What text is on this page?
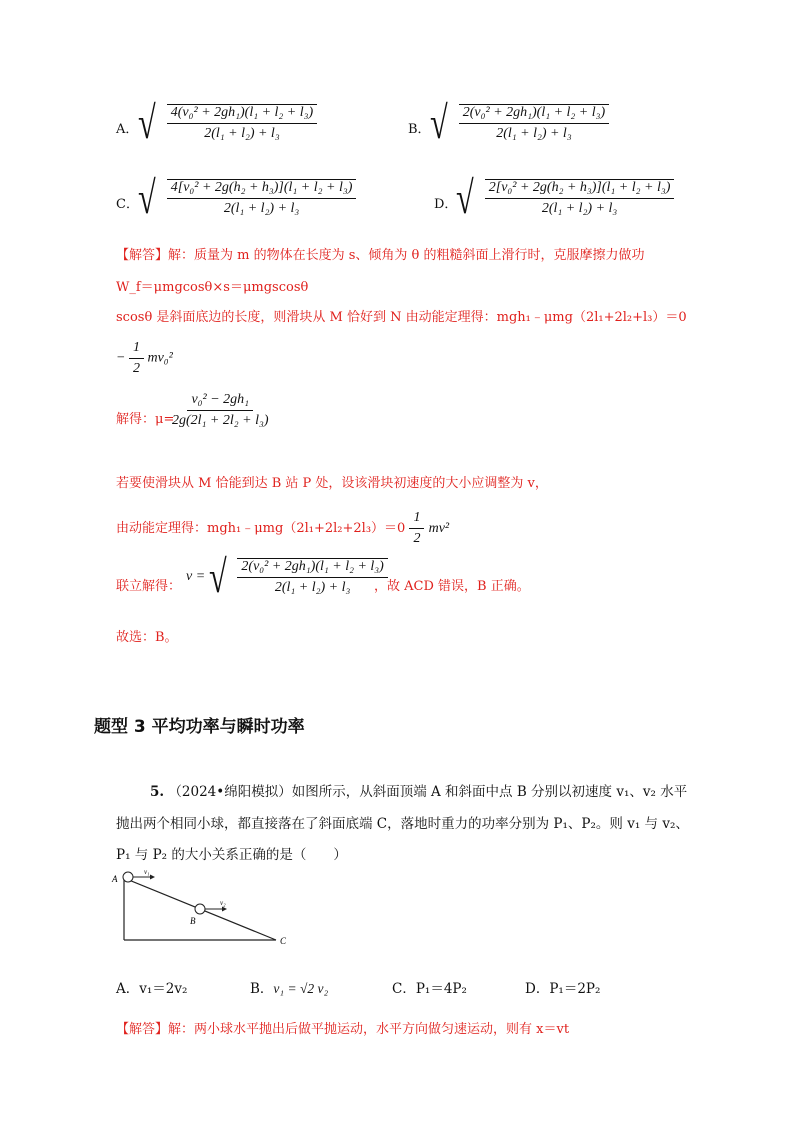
A． √ $\frac{\text{4(v₀² + 2gh₁)(l₁ + l₂ + l₃)}}{\text{2(l₁ + l₂) + l₃}}$	B． √ $\frac{\text{2(v₀² + 2gh₁)(l₁ + l₂ + l₃)}}{\text{2(l₁ + l₂) + l₃}}$
C． √ $\frac{\text{4[v₀² + 2g(h₂ + h₃)](l₁ + l₂ + l₃)}}{\text{2(l₁ + l₂) + l₃}}$	D．
√ $\frac{\text{2[v₀² + 2g(h₂ + h₃)](l₁ + l₂ + l₃)}}{\text{2(l₁ + l₂) + l₃}}$
【解答】解：质量为 m 的物体在长度为 s、倾角为 θ 的粗糙斜面上滑行时，克服摩擦力做功
W_f＝μmgcosθ×s＝μmgscosθ
scosθ 是斜面底边的长度，则滑块从 M 恰好到 N 由动能定理得：mgh₁﹣μmg（2l₁+2l₂+l₃）＝0
− $\frac{1}{2} mv_0^2$
解得：μ=
$\frac{\text{v₀² − 2gh₁}}{\text{2g(2l₁ + 2l₂ + l₃)}}$
若要使滑块从 M 恰能到达 B 站 P 处，设该滑块初速度的大小应调整为 v，
由动能定理得：mgh₁﹣μmg（2l₁+2l₂+2l₃）＝0 $\frac{1}{2} mv^2$
联立解得：
v = √ $\frac{\text{2(v₀² + 2gh₁)(l₁ + l₂ + l₃)}}{\text{2(l₁ + l₂) + l₃}}$
，故 ACD 错误，B 正确。
故选：B。
题型 3 平均功率与瞬时功率
5. （2024•绵阳模拟）如图所示，从斜面顶端 A 和斜面中点 B 分别以初速度 v₁、v₂ 水平
抛出两个相同小球，都直接落在了斜面底端 C，落地时重力的功率分别为 P₁、P₂。则 v₁ 与 v₂、
P₁ 与 P₂ 的大小关系正确的是（　　）
A
B
C
v₁
v₂
A．v₁＝2v₂	B．v₁ = √2 v₂	C．P₁＝4P₂	D．P₁＝2P₂
【解答】解：两小球水平抛出后做平抛运动，水平方向做匀速运动，则有 x＝vt
